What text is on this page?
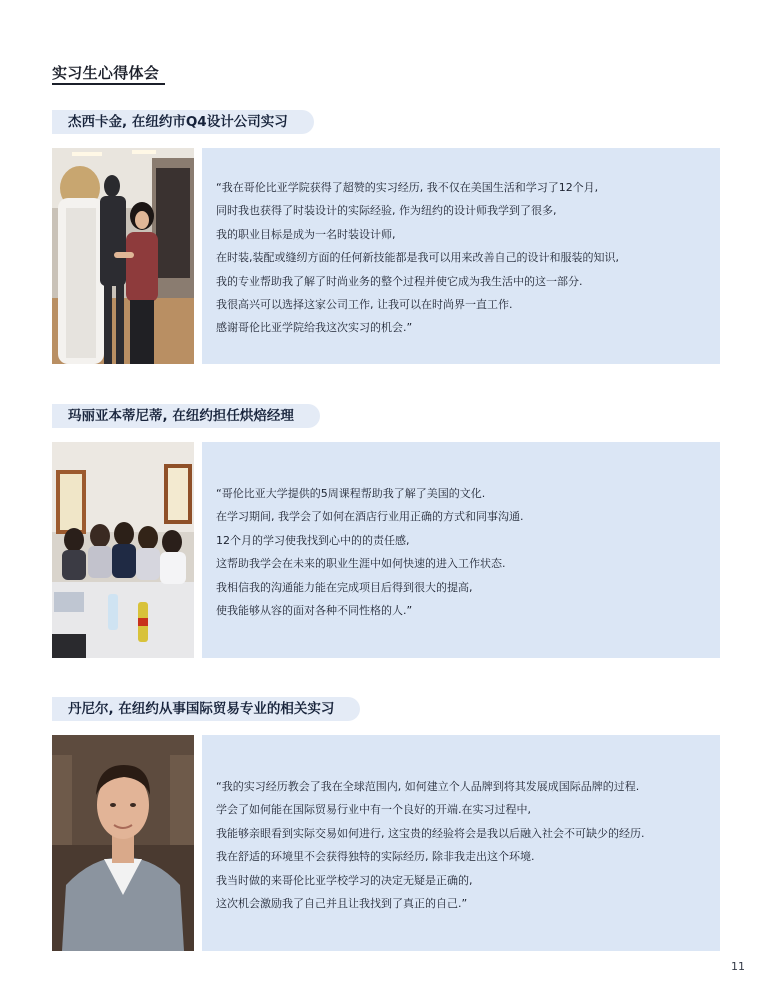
实习生心得体会
杰西卡金, 在纽约市Q4设计公司实习
“我在哥伦比亚学院获得了超赞的实习经历, 我不仅在美国生活和学习了12个月,
同时我也获得了时装设计的实际经验, 作为纽约的设计师我学到了很多,
我的职业目标是成为一名时装设计师,
在时装,装配或缝纫方面的任何新技能都是我可以用来改善自己的设计和服装的知识,
我的专业帮助我了解了时尚业务的整个过程并使它成为我生活中的这一部分.
我很高兴可以选择这家公司工作, 让我可以在时尚界一直工作.
感谢哥伦比亚学院给我这次实习的机会.”
玛丽亚本蒂尼蒂, 在纽约担任烘焙经理
“哥伦比亚大学提供的5周课程帮助我了解了美国的文化.
在学习期间, 我学会了如何在酒店行业用正确的方式和同事沟通.
12个月的学习使我找到心中的的责任感,
这帮助我学会在未来的职业生涯中如何快速的进入工作状态.
我相信我的沟通能力能在完成项目后得到很大的提高,
使我能够从容的面对各种不同性格的人.”
丹尼尔, 在纽约从事国际贸易专业的相关实习
“我的实习经历教会了我在全球范围内, 如何建立个人品牌到将其发展成国际品牌的过程.
学会了如何能在国际贸易行业中有一个良好的开端.在实习过程中,
我能够亲眼看到实际交易如何进行, 这宝贵的经验将会是我以后融入社会不可缺少的经历.
我在舒适的环境里不会获得独特的实际经历, 除非我走出这个环境.
我当时做的来哥伦比亚学校学习的决定无疑是正确的,
这次机会激励我了自己并且让我找到了真正的自己.”
11
